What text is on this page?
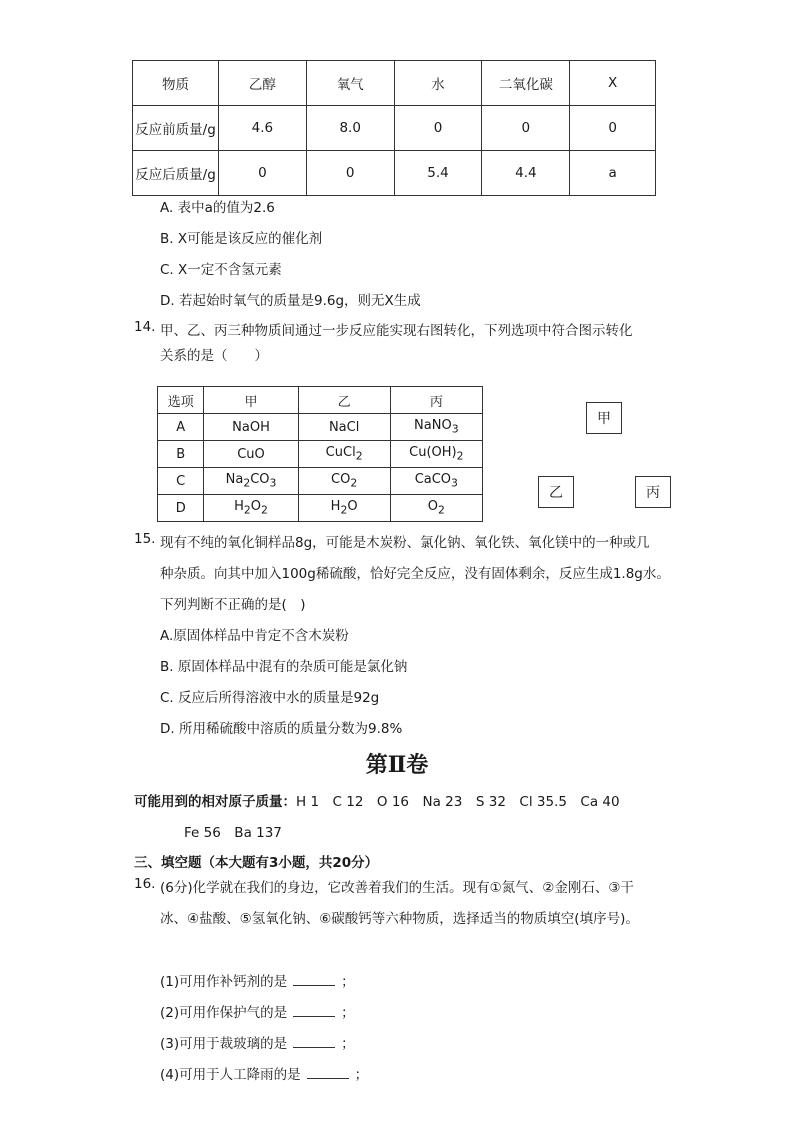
物质	乙醇	氧气	水	二氧化碳	X
反应前质量/g	4.6	8.0	0	0	0
反应后质量/g	0	0	5.4	4.4	a
A. 表中a的值为2.6
B. X可能是该反应的催化剂
C. X一定不含氢元素
D. 若起始时氧气的质量是9.6g，则无X生成
14. 甲、乙、丙三种物质间通过一步反应能实现右图转化，下列选项中符合图示转化
关系的是（　　）
选项	甲	乙	丙
A	NaOH	NaCl	NaNO$_3$
B	CuO	CuCl$_2$	$Cu(OH)_2$
C	$Na_2CO_3$	$CO_2$	CaCO$_3$
D	$H_2O_2$	$H_2O$	$O_2$
甲
乙	丙
15. 现有不纯的氧化铜样品8g，可能是木炭粉、氯化钠、氧化铁、氧化镁中的一种或几
种杂质。向其中加入100g稀硫酸，恰好完全反应，没有固体剩余，反应生成1.8g水。
下列判断不正确的是(　)
A.原固体样品中肯定不含木炭粉
B. 原固体样品中混有的杂质可能是氯化钠
C. 反应后所得溶液中水的质量是92g
D. 所用稀硫酸中溶质的质量分数为9.8%
第Ⅱ卷
可能用到的相对原子质量：H 1　C 12　O 16　Na 23　S 32　Cl 35.5　Ca 40
Fe 56　Ba 137
三、填空题（本大题有3小题，共20分）
16. (6分)化学就在我们的身边，它改善着我们的生活。现有①氮气、②金刚石、③干
冰、④盐酸、⑤氢氧化钠、⑥碳酸钙等六种物质，选择适当的物质填空(填序号)。
(1)可用作补钙剂的是	；
(2)可用作保护气的是	；
(3)可用于裁玻璃的是	；
(4)可用于人工降雨的是	；
